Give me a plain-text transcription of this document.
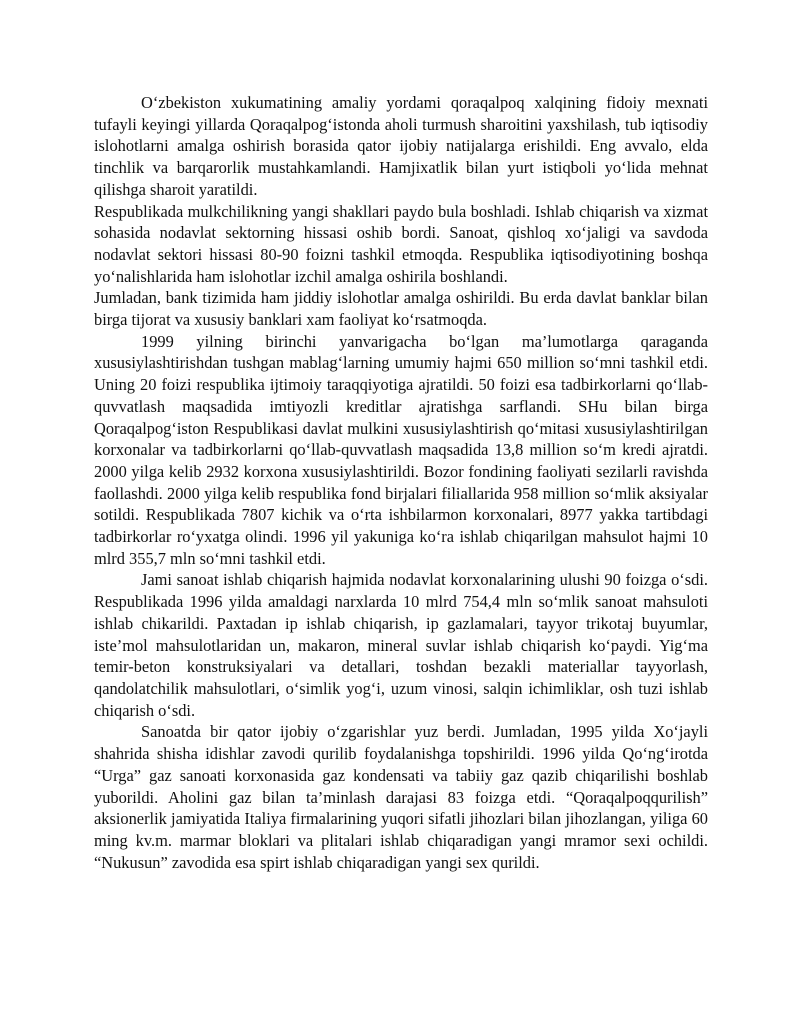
O‘zbekiston xukumatining amaliy yordami qoraqalpoq xalqining fidoiy mexnati tufayli keyingi yillarda Qoraqalpog‘istonda aholi turmush sharoitini yaxshilash, tub iqtisodiy islohotlarni amalga oshirish borasida qator ijobiy natijalarga erishildi. Eng avvalo, elda tinchlik va barqarorlik mustahkamlandi. Hamjixatlik bilan yurt istiqboli yo‘lida mehnat qilishga sharoit yaratildi.

Respublikada mulkchilikning yangi shakllari paydo bula boshladi. Ishlab chiqarish va xizmat sohasida nodavlat sektorning hissasi oshib bordi. Sanoat, qishloq xo‘jaligi va savdoda nodavlat sektori hissasi 80-90 foizni tashkil etmoqda. Respublika iqtisodiyotining boshqa yo‘nalishlarida ham islohotlar izchil amalga oshirila boshlandi.

Jumladan, bank tizimida ham jiddiy islohotlar amalga oshirildi. Bu erda davlat banklar bilan birga tijorat va xususiy banklari xam faoliyat ko‘rsatmoqda.

1999 yilning birinchi yanvarigacha bo‘lgan ma’lumotlarga qaraganda xususiylashtirishdan tushgan mablag‘larning umumiy hajmi 650 million so‘mni tashkil etdi. Uning 20 foizi respublika ijtimoiy taraqqiyotiga ajratildi. 50 foizi esa tadbirkorlarni qo‘llab-quvvatlash maqsadida imtiyozli kreditlar ajratishga sarflandi. SHu bilan birga Qoraqalpog‘iston Respublikasi davlat mulkini xususiylashtirish qo‘mitasi xususiylashtirilgan korxonalar va tadbirkorlarni qo‘llab-quvvatlash maqsadida 13,8 million so‘m kredi ajratdi. 2000 yilga kelib 2932 korxona xususiylashtirildi. Bozor fondining faoliyati sezilarli ravishda faollashdi. 2000 yilga kelib respublika fond birjalari filiallarida 958 million so‘mlik aksiyalar sotildi. Respublikada 7807 kichik va o‘rta ishbilarmon korxonalari, 8977 yakka tartibdagi tadbirkorlar ro‘yxatga olindi. 1996 yil yakuniga ko‘ra ishlab chiqarilgan mahsulot hajmi 10 mlrd 355,7 mln so‘mni tashkil etdi.

Jami sanoat ishlab chiqarish hajmida nodavlat korxonalarining ulushi 90 foizga o‘sdi. Respublikada 1996 yilda amaldagi narxlarda 10 mlrd 754,4 mln so‘mlik sanoat mahsuloti ishlab chikarildi. Paxtadan ip ishlab chiqarish, ip gazlamalari, tayyor trikotaj buyumlar, iste’mol mahsulotlaridan un, makaron, mineral suvlar ishlab chiqarish ko‘paydi. Yig‘ma temir-beton konstruksiyalari va detallari, toshdan bezakli materiallar tayyorlash, qandolatchilik mahsulotlari, o‘simlik yog‘i, uzum vinosi, salqin ichimliklar, osh tuzi ishlab chiqarish o‘sdi.

Sanoatda bir qator ijobiy o‘zgarishlar yuz berdi. Jumladan, 1995 yilda Xo‘jayli shahrida shisha idishlar zavodi qurilib foydalanishga topshirildi. 1996 yilda Qo‘ng‘irotda “Urga” gaz sanoati korxonasida gaz kondensati va tabiiy gaz qazib chiqarilishi boshlab yuborildi. Aholini gaz bilan ta’minlash darajasi 83 foizga etdi. “Qoraqalpoqqurilish” aksionerlik jamiyatida Italiya firmalarining yuqori sifatli jihozlari bilan jihozlangan, yiliga 60 ming kv.m. marmar bloklari va plitalari ishlab chiqaradigan yangi mramor sexi ochildi. “Nukusun” zavodida esa spirt ishlab chiqaradigan yangi sex qurildi.
